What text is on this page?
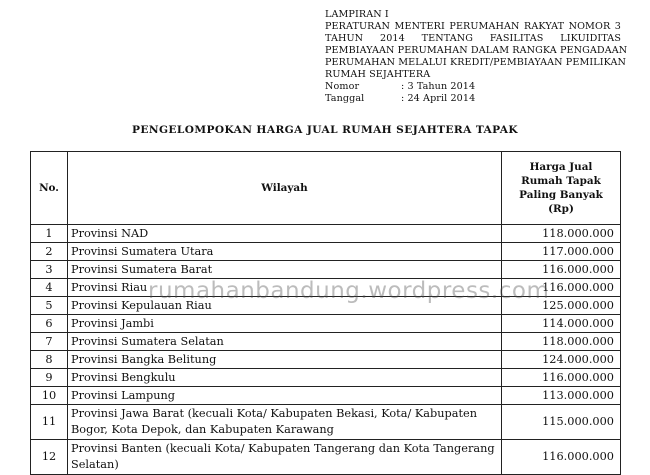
LAMPIRAN I
PERATURAN MENTERI PERUMAHAN RAKYAT NOMOR 3
TAHUN 2014 TENTANG FASILITAS LIKUIDITAS
PEMBIAYAAN PERUMAHAN DALAM RANGKA PENGADAAN
PERUMAHAN MELALUI KREDIT/PEMBIAYAAN PEMILIKAN
RUMAH SEJAHTERA
Nomor	: 3 Tahun 2014
Tanggal	: 24 April 2014
PENGELOMPOKAN HARGA JUAL RUMAH SEJAHTERA TAPAK
No.	Wilayah	Harga Jual
Rumah Tapak
Paling Banyak
(Rp)

1	Provinsi NAD	118.000.000
2	Provinsi Sumatera Utara	117.000.000
3	Provinsi Sumatera Barat	116.000.000
4	Provinsi Riau	116.000.000
5	Provinsi Kepulauan Riau	125.000.000
6	Provinsi Jambi	114.000.000
7	Provinsi Sumatera Selatan	118.000.000
8	Provinsi Bangka Belitung	124.000.000
9	Provinsi Bengkulu	116.000.000
10	Provinsi Lampung	113.000.000
11	Provinsi Jawa Barat (kecuali Kota/ Kabupaten Bekasi, Kota/ Kabupaten Bogor, Kota Depok, dan Kabupaten Karawang	115.000.000
12	Provinsi Banten (kecuali Kota/ Kabupaten Tangerang dan Kota Tangerang Selatan)	116.000.000
rumahanbandung.wordpress.com
